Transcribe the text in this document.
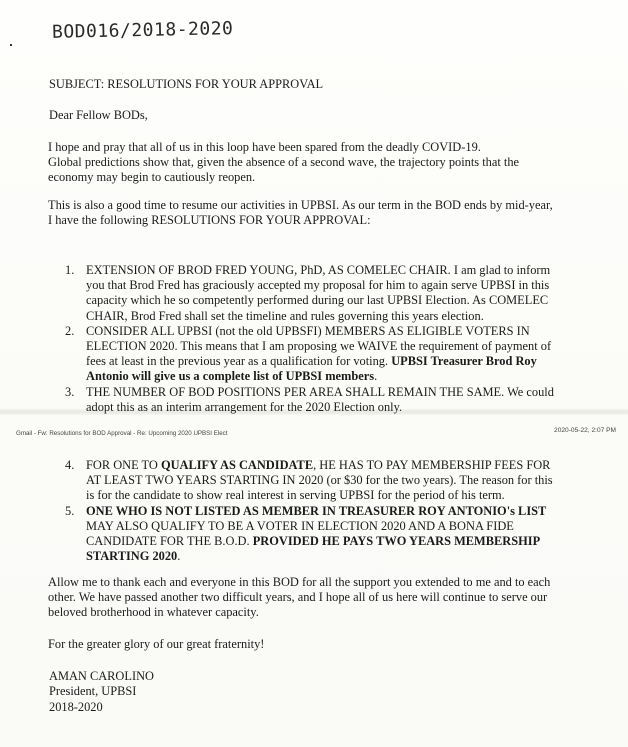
BOD016/2018-2020
SUBJECT: RESOLUTIONS FOR YOUR APPROVAL
Dear Fellow BODs,
I hope and pray that all of us in this loop have been spared from the deadly COVID-19.
Global predictions show that, given the absence of a second wave, the trajectory points that the
economy may begin to cautiously reopen.
This is also a good time to resume our activities in UPBSI. As our term in the BOD ends by mid-year,
I have the following RESOLUTIONS FOR YOUR APPROVAL:
1. EXTENSION OF BROD FRED YOUNG, PhD, AS COMELEC CHAIR. I am glad to inform
you that Brod Fred has graciously accepted my proposal for him to again serve UPBSI in this
capacity which he so competently performed during our last UPBSI Election. As COMELEC
CHAIR, Brod Fred shall set the timeline and rules governing this years election.
2. CONSIDER ALL UPBSI (not the old UPBSFI) MEMBERS AS ELIGIBLE VOTERS IN
ELECTION 2020. This means that I am proposing we WAIVE the requirement of payment of
fees at least in the previous year as a qualification for voting. UPBSI Treasurer Brod Roy
Antonio will give us a complete list of UPBSI members.
3. THE NUMBER OF BOD POSITIONS PER AREA SHALL REMAIN THE SAME. We could
adopt this as an interim arrangement for the 2020 Election only.
Gmail - Fw: Resolutions for BOD Approval - Re: Upcoming 2020 UPBSI Elect	2020-05-22, 2:07 PM
4. FOR ONE TO QUALIFY AS CANDIDATE, HE HAS TO PAY MEMBERSHIP FEES FOR
AT LEAST TWO YEARS STARTING IN 2020 (or $30 for the two years). The reason for this
is for the candidate to show real interest in serving UPBSI for the period of his term.
5. ONE WHO IS NOT LISTED AS MEMBER IN TREASURER ROY ANTONIO's LIST
MAY ALSO QUALIFY TO BE A VOTER IN ELECTION 2020 AND A BONA FIDE
CANDIDATE FOR THE B.O.D. PROVIDED HE PAYS TWO YEARS MEMBERSHIP
STARTING 2020.
Allow me to thank each and everyone in this BOD for all the support you extended to me and to each
other. We have passed another two difficult years, and I hope all of us here will continue to serve our
beloved brotherhood in whatever capacity.
For the greater glory of our great fraternity!
AMAN CAROLINO
President, UPBSI
2018-2020
